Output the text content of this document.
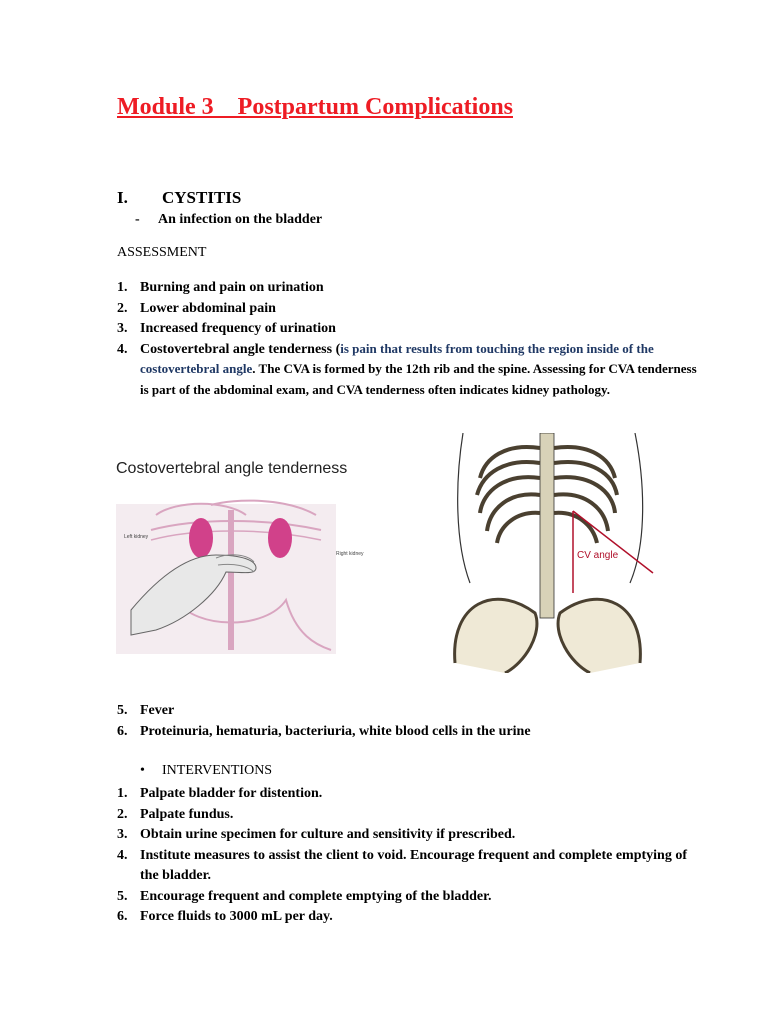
Module 3    Postpartum Complications
I. CYSTITIS
- An infection on the bladder
ASSESSMENT
1. Burning and pain on urination
2. Lower abdominal pain
3. Increased frequency of urination
4. Costovertebral angle tenderness (is pain that results from touching the region inside of the costovertebral angle. The CVA is formed by the 12th rib and the spine. Assessing for CVA tenderness is part of the abdominal exam, and CVA tenderness often indicates kidney pathology.
Costovertebral angle tenderness
Left kidney
Right kidney	CV angle
5. Fever
6. Proteinuria, hematuria, bacteriuria, white blood cells in the urine
• INTERVENTIONS
1. Palpate bladder for distention.
2. Palpate fundus.
3. Obtain urine specimen for culture and sensitivity if prescribed.
4. Institute measures to assist the client to void. Encourage frequent and complete emptying of the bladder.
5. Encourage frequent and complete emptying of the bladder.
6. Force fluids to 3000 mL per day.
